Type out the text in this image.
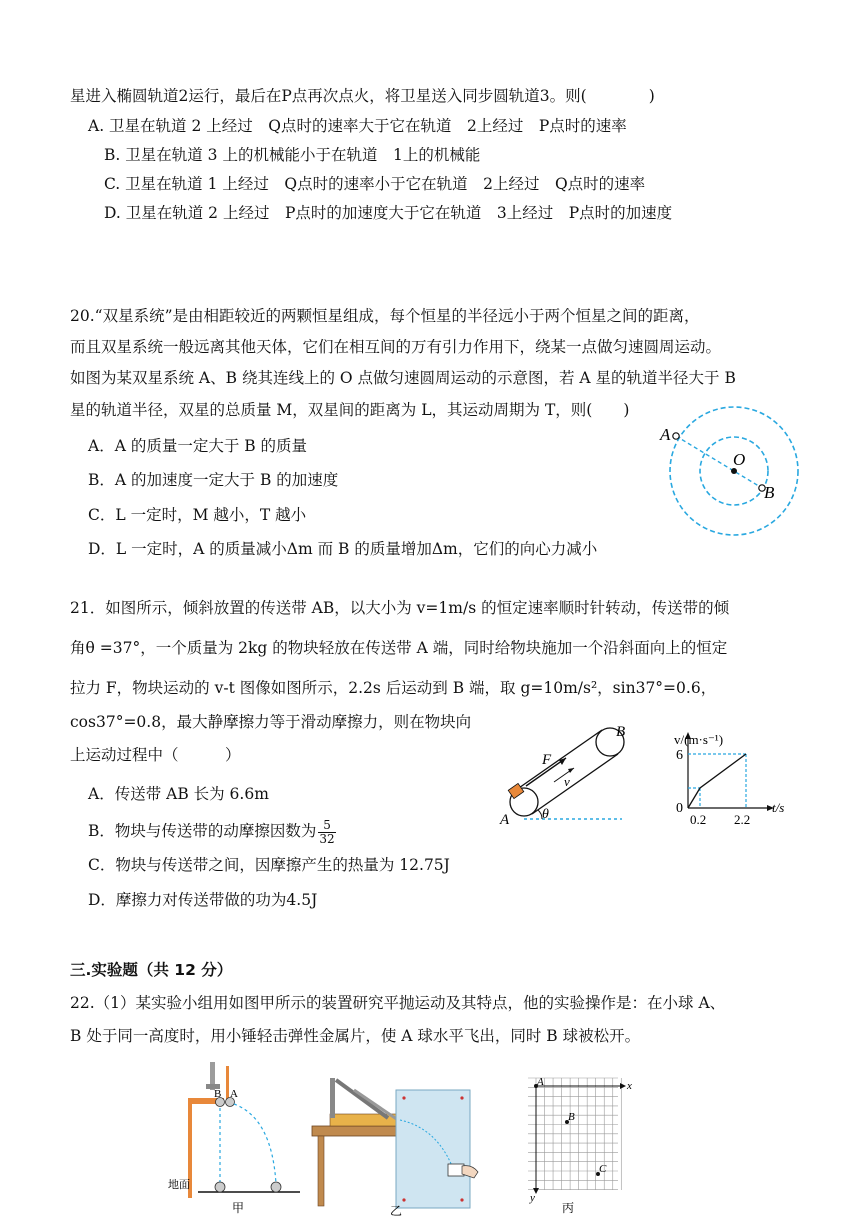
星进入椭圆轨道2运行，最后在P点再次点火，将卫星送入同步圆轨道3。则(　　　　)
A. 卫星在轨道 2 上经过　Q点时的速率大于它在轨道　2上经过　P点时的速率
B. 卫星在轨道 3 上的机械能小于在轨道　1上的机械能
C. 卫星在轨道 1 上经过　Q点时的速率小于它在轨道　2上经过　Q点时的速率
D. 卫星在轨道 2 上经过　P点时的加速度大于它在轨道　3上经过　P点时的加速度
20.“双星系统”是由相距较近的两颗恒星组成，每个恒星的半径远小于两个恒星之间的距离，
而且双星系统一般远离其他天体，它们在相互间的万有引力作用下，绕某一点做匀速圆周运动。
如图为某双星系统 A、B 绕其连线上的 O 点做匀速圆周运动的示意图，若 A 星的轨道半径大于 B
星的轨道半径，双星的总质量 M，双星间的距离为 L，其运动周期为 T，则(　　)
A．A 的质量一定大于 B 的质量
B．A 的加速度一定大于 B 的加速度
C．L 一定时，M 越小，T 越小
D．L 一定时，A 的质量减小Δm 而 B 的质量增加Δm，它们的向心力减小
A
O
B
21．如图所示，倾斜放置的传送带 AB，以大小为 v=1m/s 的恒定速率顺时针转动，传送带的倾
角θ =37°，一个质量为 2kg 的物块轻放在传送带 A 端，同时给物块施加一个沿斜面向上的恒定
拉力 F，物块运动的 v-t 图像如图所示，2.2s 后运动到 B 端，取 g=10m/s²，sin37°=0.6，
cos37°=0.8，最大静摩擦力等于滑动摩擦力，则在物块向
上运动过程中（　　　）
A．传送带 AB 长为 6.6m
B．物块与传送带的动摩擦因数为 $\frac{5}{32}$
C．物块与传送带之间，因摩擦产生的热量为 12.75J
D．摩擦力对传送带做的功为4.5J
F
v
θ
A
B	v/(m·s⁻¹)
t/s
0
6
0.2 2.2
三.实验题（共 12 分）
22.（1）某实验小组用如图甲所示的装置研究平抛运动及其特点，他的实验操作是：在小球 A、
B 处于同一高度时，用小锤轻击弹性金属片，使 A 球水平飞出，同时 B 球被松开。
B A
地面
甲	乙
A
B
C
x
y
丙
